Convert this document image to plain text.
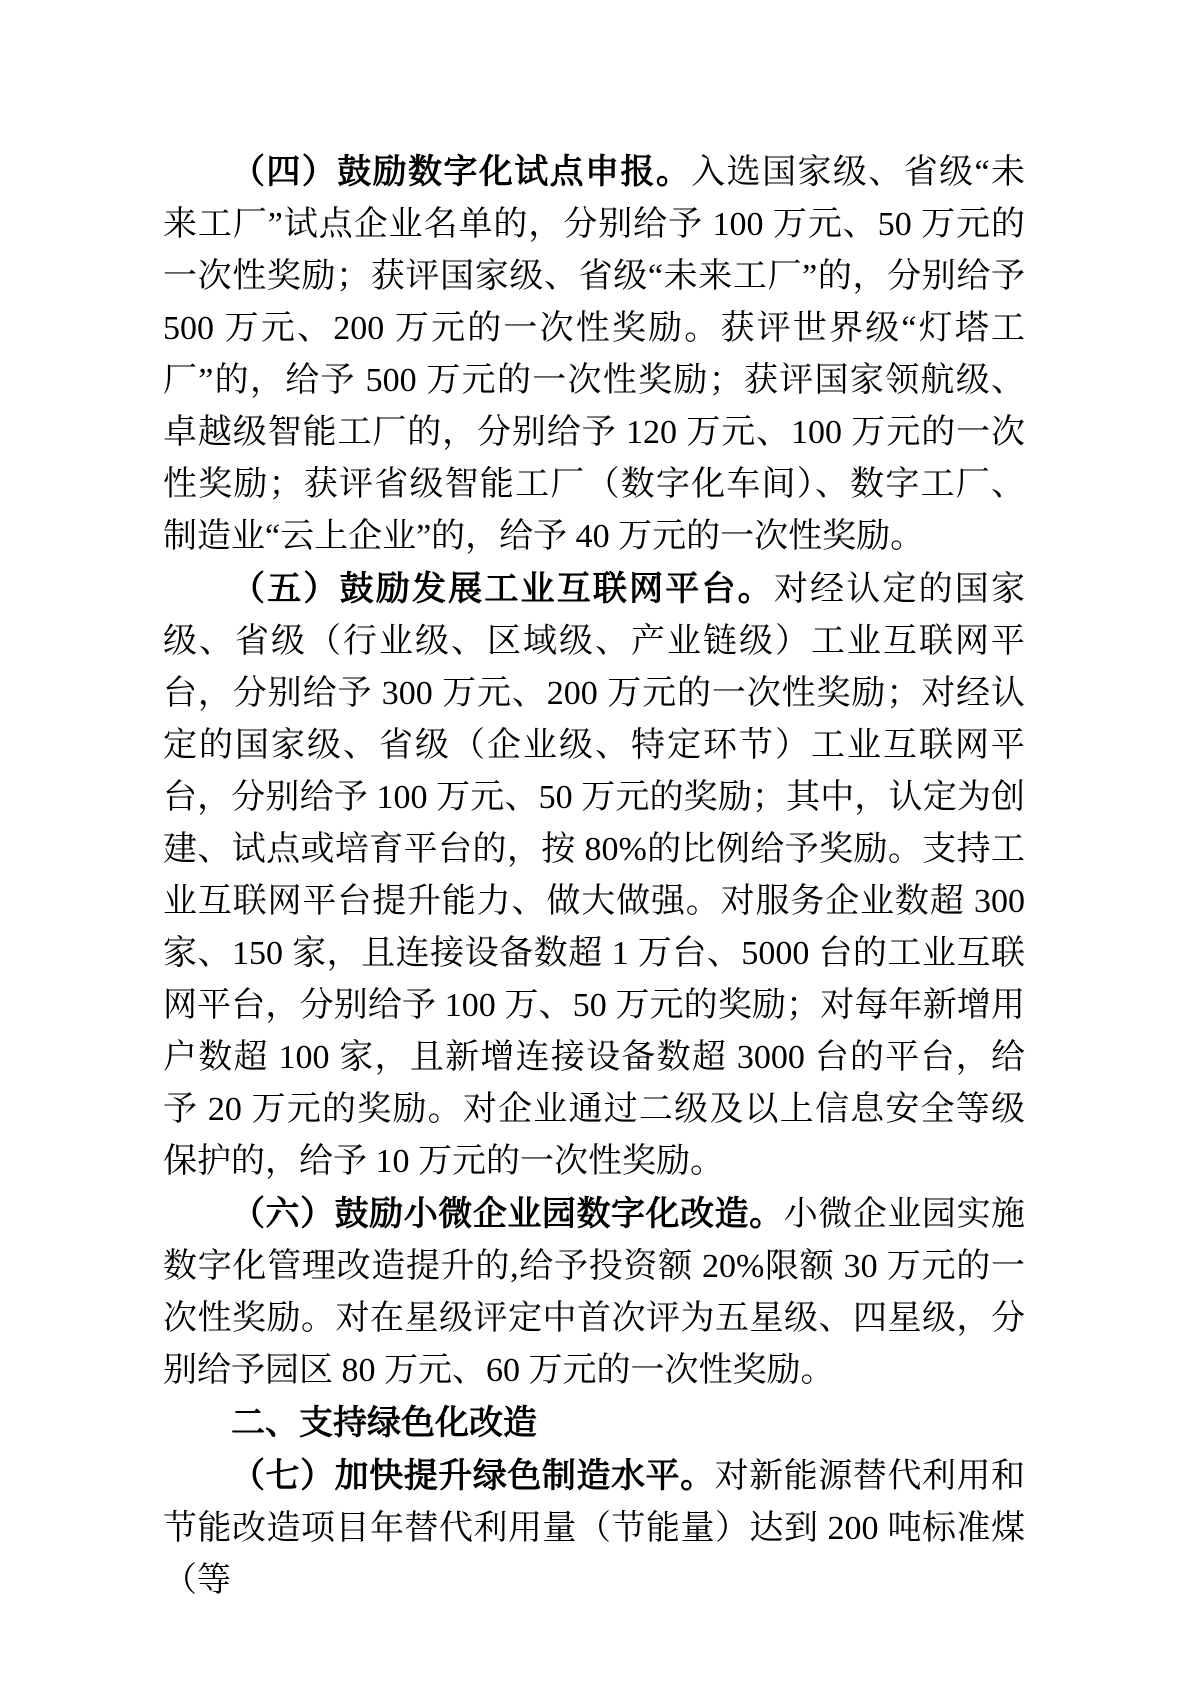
（四）鼓励数字化试点申报。入选国家级、省级“未来工厂”试点企业名单的，分别给予 100 万元、50 万元的一次性奖励；获评国家级、省级“未来工厂”的，分别给予 500 万元、200 万元的一次性奖励。获评世界级“灯塔工厂”的，给予 500 万元的一次性奖励；获评国家领航级、卓越级智能工厂的，分别给予 120 万元、100 万元的一次性奖励；获评省级智能工厂（数字化车间）、数字工厂、制造业“云上企业”的，给予 40 万元的一次性奖励。

（五）鼓励发展工业互联网平台。对经认定的国家级、省级（行业级、区域级、产业链级）工业互联网平台，分别给予 300 万元、200 万元的一次性奖励；对经认定的国家级、省级（企业级、特定环节）工业互联网平台，分别给予 100 万元、50 万元的奖励；其中，认定为创建、试点或培育平台的，按 80%的比例给予奖励。支持工业互联网平台提升能力、做大做强。对服务企业数超 300 家、150 家，且连接设备数超 1 万台、5000 台的工业互联网平台，分别给予 100 万、50 万元的奖励；对每年新增用户数超 100 家，且新增连接设备数超 3000 台的平台，给予 20 万元的奖励。对企业通过二级及以上信息安全等级保护的，给予 10 万元的一次性奖励。

（六）鼓励小微企业园数字化改造。小微企业园实施数字化管理改造提升的,给予投资额 20%限额 30 万元的一次性奖励。对在星级评定中首次评为五星级、四星级，分别给予园区 80 万元、60 万元的一次性奖励。

二、支持绿色化改造

（七）加快提升绿色制造水平。对新能源替代利用和节能改造项目年替代利用量（节能量）达到 200 吨标准煤（等
